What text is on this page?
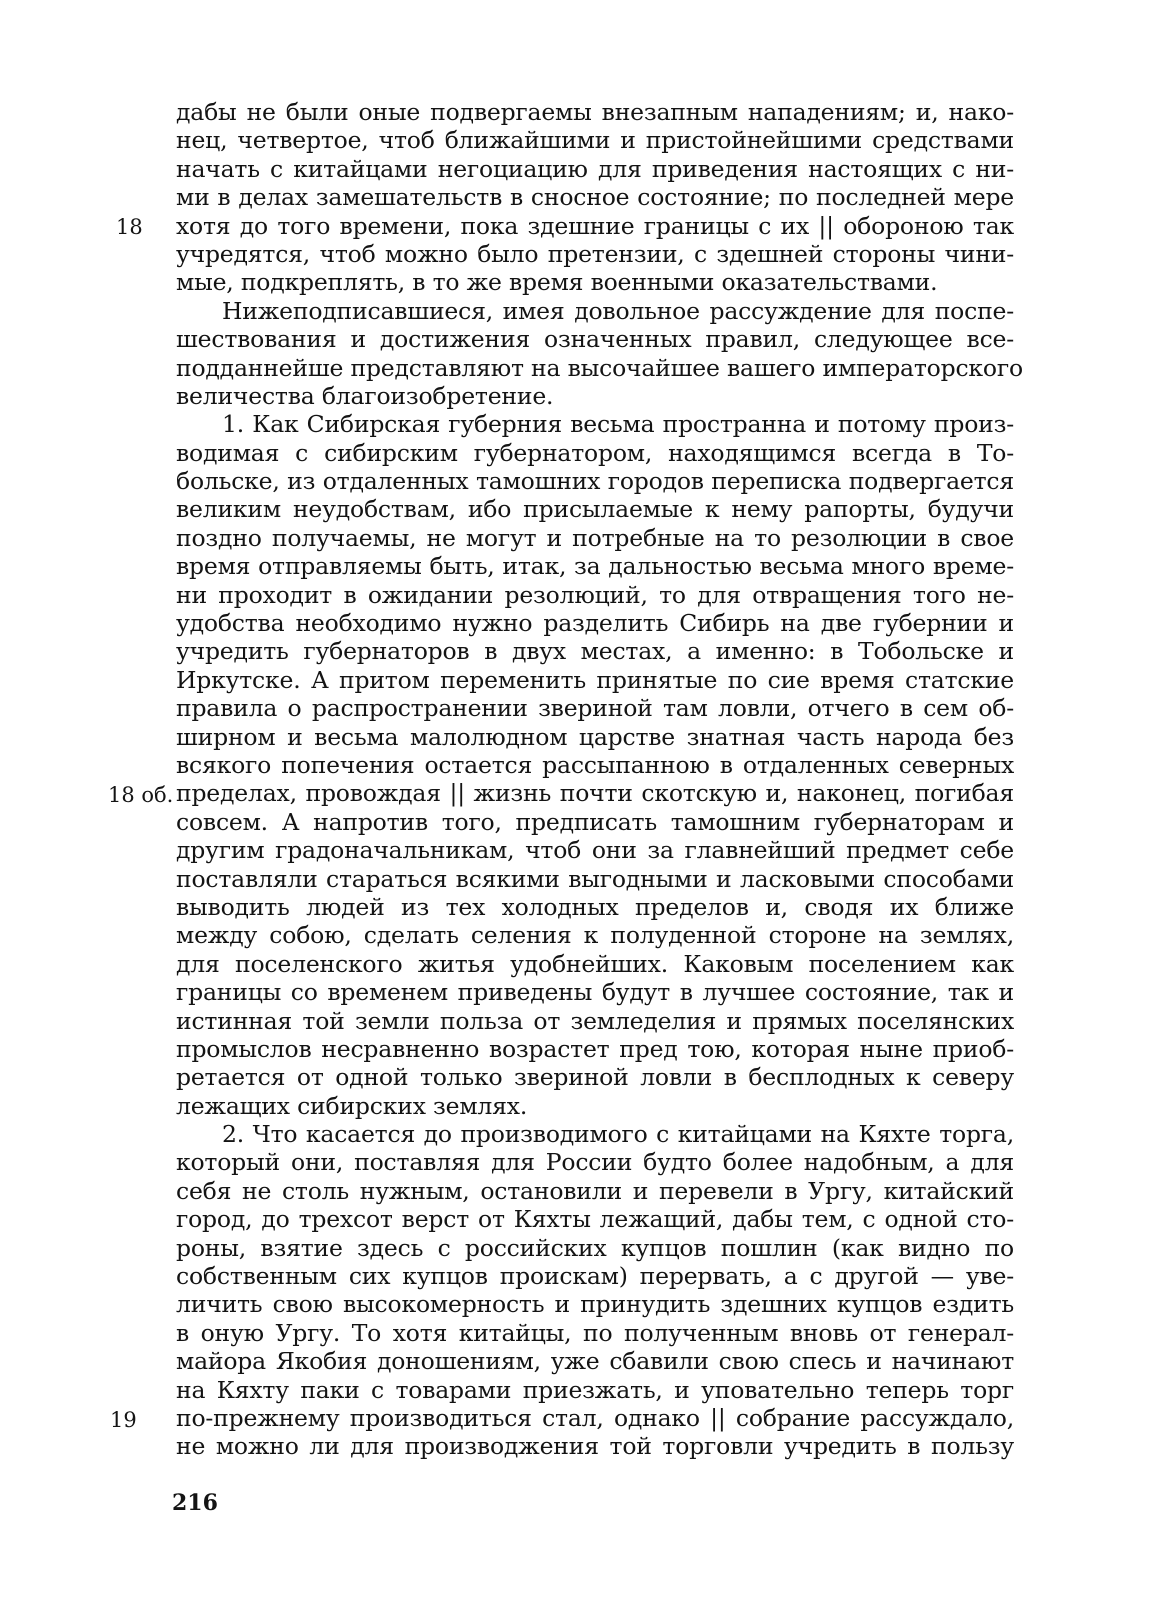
18
18 об.
19
дабы не были оные подвергаемы внезапным нападениям; и, нако-
нец, четвертое, чтоб ближайшими и пристойнейшими средствами
начать с китайцами негоциацию для приведения настоящих с ни-
ми в делах замешательств в сносное состояние; по последней мере
хотя до того времени, пока здешние границы с их || обороною так
учредятся, чтоб можно было претензии, с здешней стороны чини-
мые, подкреплять, в то же время военными оказательствами.
Нижеподписавшиеся, имея довольное рассуждение для поспе-
шествования и достижения означенных правил, следующее все-
подданнейше представляют на высочайшее вашего императорского
величества благоизобретение.
1. Как Сибирская губерния весьма пространна и потому произ-
водимая с сибирским губернатором, находящимся всегда в То-
больске, из отдаленных тамошних городов переписка подвергается
великим неудобствам, ибо присылаемые к нему рапорты, будучи
поздно получаемы, не могут и потребные на то резолюции в свое
время отправляемы быть, итак, за дальностью весьма много време-
ни проходит в ожидании резолюций, то для отвращения того не-
удобства необходимо нужно разделить Сибирь на две губернии и
учредить губернаторов в двух местах, а именно: в Тобольске и
Иркутске. А притом переменить принятые по сие время статские
правила о распространении звериной там ловли, отчего в сем об-
ширном и весьма малолюдном царстве знатная часть народа без
всякого попечения остается рассыпанною в отдаленных северных
пределах, провождая || жизнь почти скотскую и, наконец, погибая
совсем. А напротив того, предписать тамошним губернаторам и
другим градоначальникам, чтоб они за главнейший предмет себе
поставляли стараться всякими выгодными и ласковыми способами
выводить людей из тех холодных пределов и, сводя их ближе
между собою, сделать селения к полуденной стороне на землях,
для поселенского житья удобнейших. Каковым поселением как
границы со временем приведены будут в лучшее состояние, так и
истинная той земли польза от земледелия и прямых поселянских
промыслов несравненно возрастет пред тою, которая ныне приоб-
ретается от одной только звериной ловли в бесплодных к северу
лежащих сибирских землях.
2. Что касается до производимого с китайцами на Кяхте торга,
который они, поставляя для России будто более надобным, а для
себя не столь нужным, остановили и перевели в Ургу, китайский
город, до трехсот верст от Кяхты лежащий, дабы тем, с одной сто-
роны, взятие здесь с российских купцов пошлин (как видно по
собственным сих купцов проискам) перервать, а с другой — уве-
личить свою высокомерность и принудить здешних купцов ездить
в оную Ургу. То хотя китайцы, по полученным вновь от генерал-
майора Якобия доношениям, уже сбавили свою спесь и начинают
на Кяхту паки с товарами приезжать, и уповательно теперь торг
по-прежнему производиться стал, однако || собрание рассуждало,
не можно ли для производжения той торговли учредить в пользу
216
